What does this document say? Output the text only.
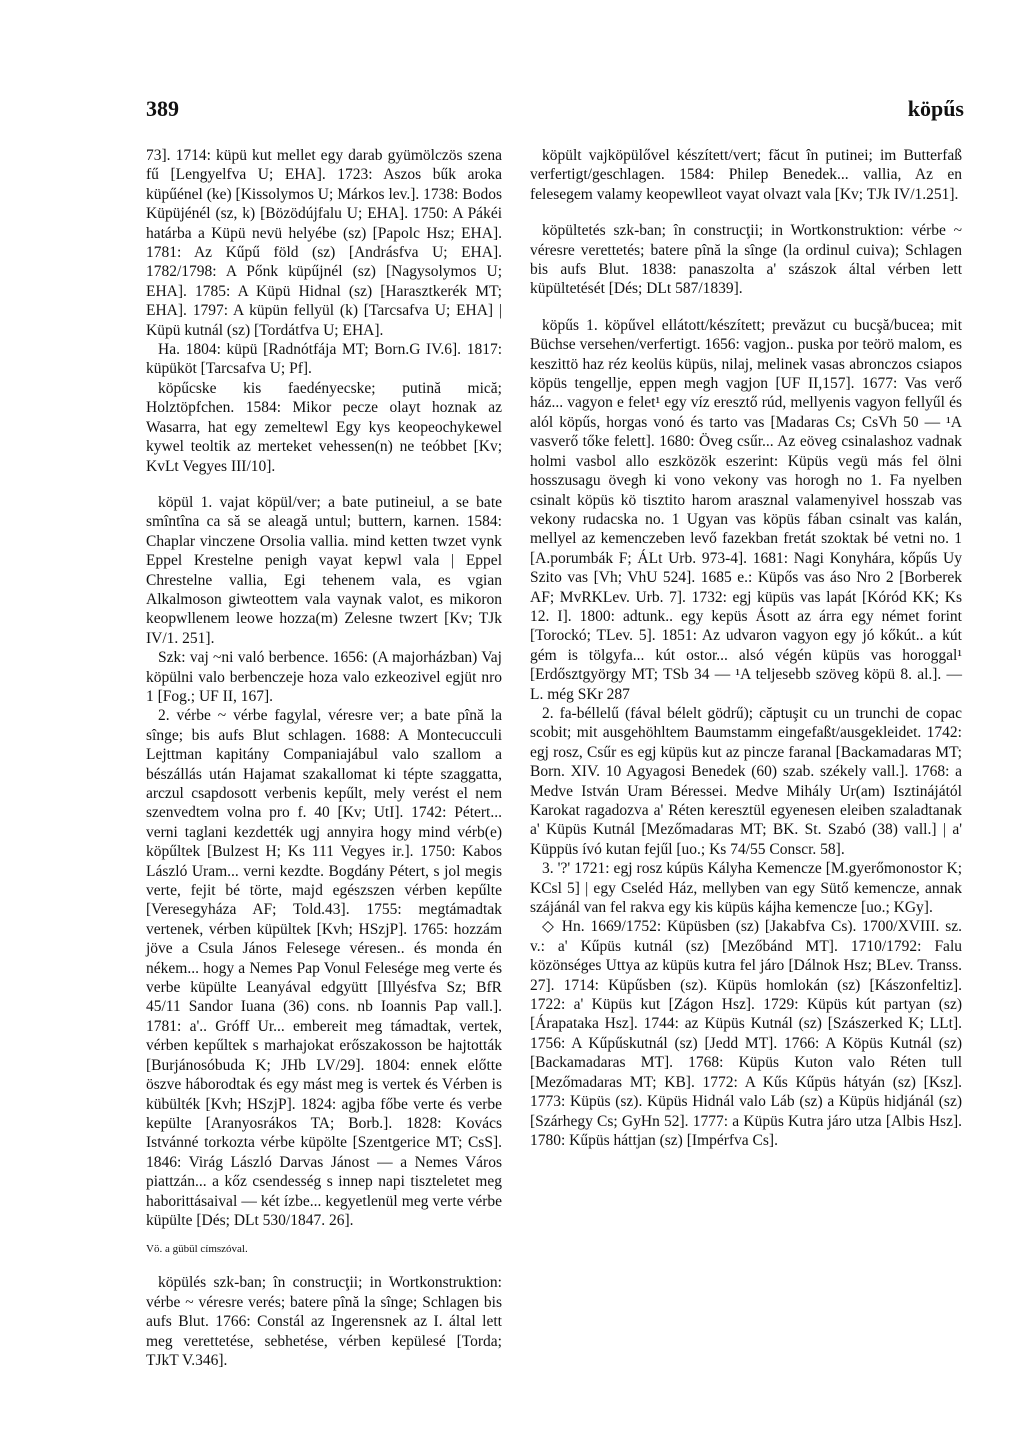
389	köpűs

73]. 1714: küpü kut mellet egy darab gyümölczös szena fű [Lengyelfva U; EHA]. 1723: Aszos bűk aroka küpűénel (ke) [Kissolymos U; Márkos lev.]. 1738: Bodos Küpüjénél (sz, k) [Bözödújfalu U; EHA]. 1750: A Pákéi határba a Küpü nevü helyébe (sz) [Papolc Hsz; EHA]. 1781: Az Kűpű föld (sz) [Andrásfva U; EHA]. 1782/1798: A Pőnk küpűjnél (sz) [Nagysolymos U; EHA]. 1785: A Küpü Hidnal (sz) [Harasztkerék MT; EHA]. 1797: A küpün fellyül (k) [Tarcsafva U; EHA] | Küpü kutnál (sz) [Tordátfva U; EHA].

Ha. 1804: küpü [Radnótfája MT; Born.G IV.6]. 1817: küpüköt [Tarcsafva U; Pf].

köpűcske kis faedényecske; putină mică; Holztöpfchen. 1584: Mikor pecze olayt hoznak az Wasarra, hat egy zemeltewl Egy kys keopeochykewel kywel teoltik az merteket vehessen(n) ne teóbbet [Kv; KvLt Vegyes III/10].

köpül 1. vajat köpül/ver; a bate putineiul, a se bate smîntîna ca să se aleagă untul; buttern, karnen. 1584: Chaplar vinczene Orsolia vallia. mind ketten twzet vynk Eppel Krestelne penigh vayat kepwl vala | Eppel Chrestelne vallia, Egi tehenem vala, es vgian Alkalmoson giwteottem vala vaynak valot, es mikoron keopwllenem leowe hozza(m) Zelesne twzert [Kv; TJk IV/1. 251].

Szk: vaj ~ni való berbence. 1656: (A majorházban) Vaj köpülni valo berbenczeje hoza valo ezkeozivel egjüt nro 1 [Fog.; UF II, 167].

2. vérbe ~ vérbe fagylal, véresre ver; a bate pînă la sînge; bis aufs Blut schlagen. 1688: A Montecucculi Lejttman kapitány Companiajábul valo szallom a bészállás után Hajamat szakallomat ki tépte szaggatta, arczul csapdosott verbenis kepűlt, mely verést el nem szenvedtem volna pro f. 40 [Kv; UtI]. 1742: Pétert... verni taglani kezdették ugj annyira hogy mind vérb(e) köpűltek [Bulzest H; Ks 111 Vegyes ir.]. 1750: Kabos László Uram... verni kezdte. Bogdány Pétert, s jol megis verte, fejit bé törte, majd egészszen vérben kepűlte [Veresegyháza AF; Told.43]. 1755: megtámadtak vertenek, vérben küpültek [Kvh; HSzjP]. 1765: hozzám jöve a Csula János Felesege véresen.. és monda én nékem... hogy a Nemes Pap Vonul Felesége meg verte és verbe küpülte Leanyával edgyütt [Illyésfva Sz; BfR 45/11 Sandor Iuana (36) cons. nb Ioannis Pap vall.]. 1781: a'.. Gróff Ur... embereit meg támadtak, vertek, vérben kepűltek s marhajokat erőszakosson be hajtották [Burjánosóbuda K; JHb LV/29]. 1804: ennek előtte öszve háborodtak és egy mást meg is vertek és Vérben is kübülték [Kvh; HSzjP]. 1824: agjba főbe verte és verbe kepülte [Aranyosrákos TA; Borb.]. 1828: Kovács Istvánné torkozta vérbe küpölte [Szentgerice MT; CsS]. 1846: Virág László Darvas Jánost — a Nemes Város piattzán... a kőz csendesség s innep napi tiszteletet meg haborittásaival — két ízbe... kegyetlenül meg verte vérbe küpülte [Dés; DLt 530/1847. 26].

Vö. a gübül címszóval.

köpülés szk-ban; în construcţii; in Wortkonstruktion: vérbe ~ véresre verés; batere pînă la sînge; Schlagen bis aufs Blut. 1766: Constál az Ingerensnek az I. által lett meg verettetése, sebhetése, vérben kepülesé [Torda; TJkT V.346].

köpült vajköpülővel készített/vert; făcut în putinei; im Butterfaß verfertigt/geschlagen. 1584: Philep Benedek... vallia, Az en felesegem valamy keopewlleot vayat olvazt vala [Kv; TJk IV/1.251].

köpültetés szk-ban; în construcţii; in Wortkonstruktion: vérbe ~ véresre verettetés; batere pînă la sînge (la ordinul cuiva); Schlagen bis aufs Blut. 1838: panaszolta a' szászok által vérben lett küpültetését [Dés; DLt 587/1839].

köpűs 1. köpűvel ellátott/készített; prevăzut cu bucşă/bucea; mit Büchse versehen/verfertigt. 1656: vagjon.. puska por teörö malom, es keszittö haz réz keolüs küpüs, nilaj, melinek vasas abronczos csiapos köpüs tengellje, eppen megh vagjon [UF II,157]. 1677: Vas verő ház... vagyon e felet¹ egy víz eresztő rúd, mellyenis vagyon fellyűl és alól köpűs, horgas vonó és tarto vas [Madaras Cs; CsVh 50 — ¹A vasverő tőke felett]. 1680: Öveg csűr... Az eöveg csinalashoz vadnak holmi vasbol allo eszközök eszerint: Küpüs vegü más fel ölni hosszusagu övegh ki vono vekony vas horogh no 1. Fa nyelben csinalt köpüs kö tisztito harom arasznal valamenyivel hosszab vas vekony rudacska no. 1 Ugyan vas köpüs fában csinalt vas kalán, mellyel az kemenczeben levő fazekban fretát szoktak bé vetni no. 1 [A.porumbák F; ÁLt Urb. 973-4]. 1681: Nagi Konyhára, kőpűs Uy Szito vas [Vh; VhU 524]. 1685 e.: Küpős vas áso Nro 2 [Borberek AF; MvRKLev. Urb. 7]. 1732: egj küpüs vas lapát [Kóród KK; Ks 12. I]. 1800: adtunk.. egy kepüs Ásott az árra egy német forint [Torockó; TLev. 5]. 1851: Az udvaron vagyon egy jó kőkút.. a kút gém is tölgyfa... kút ostor... alsó végén küpüs vas horoggal¹ [Erdősztgyörgy MT; TSb 34 — ¹A teljesebb szöveg köpü 8. al.]. — L. még SKr 287

2. fa-béllelű (fával bélelt gödrű); căptuşit cu un trunchi de copac scobit; mit ausgehöhltem Baumstamm eingefaßt/ausgekleidet. 1742: egj rosz, Csűr es egj küpüs kut az pincze faranal [Backamadaras MT; Born. XIV. 10 Agyagosi Benedek (60) szab. székely vall.]. 1768: a Medve István Uram Béressei. Medve Mihály Ur(am) Isztinájától Karokat ragadozva a' Réten keresztül egyenesen eleiben szaladtanak a' Küpüs Kutnál [Mezőmadaras MT; BK. St. Szabó (38) vall.] | a' Küppüs ívó kutan fejűl [uo.; Ks 74/55 Conscr. 58].

3. '?' 1721: egj rosz kúpüs Kályha Kemencze [M.gyerőmonostor K; KCsl 5] | egy Cseléd Ház, mellyben van egy Sütő kemencze, annak szájánál van fel rakva egy kis küpüs kájha kemencze [uo.; KGy].

◇ Hn. 1669/1752: Küpüsben (sz) [Jakabfva Cs). 1700/XVIII. sz. v.: a' Kűpüs kutnál (sz) [Mezőbánd MT]. 1710/1792: Falu közönséges Uttya az küpüs kutra fel járo [Dálnok Hsz; BLev. Transs. 27]. 1714: Küpűsben (sz). Küpüs homlokán (sz) [Kászonfeltiz]. 1722: a' Küpüs kut [Zágon Hsz]. 1729: Küpüs kút partyan (sz) [Árapataka Hsz]. 1744: az Küpüs Kutnál (sz) [Szászerked K; LLt]. 1756: A Kűpűskutnál (sz) [Jedd MT]. 1766: A Köpüs Kutnál (sz) [Backamadaras MT]. 1768: Küpüs Kuton valo Réten tull [Mezőmadaras MT; KB]. 1772: A Kűs Kűpüs hátyán (sz) [Ksz]. 1773: Küpüs (sz). Küpüs Hidnál valo Láb (sz) a Küpüs hidjánál (sz) [Szárhegy Cs; GyHn 52]. 1777: a Küpüs Kutra járo utza [Albis Hsz]. 1780: Kűpüs háttjan (sz) [Impérfva Cs].
